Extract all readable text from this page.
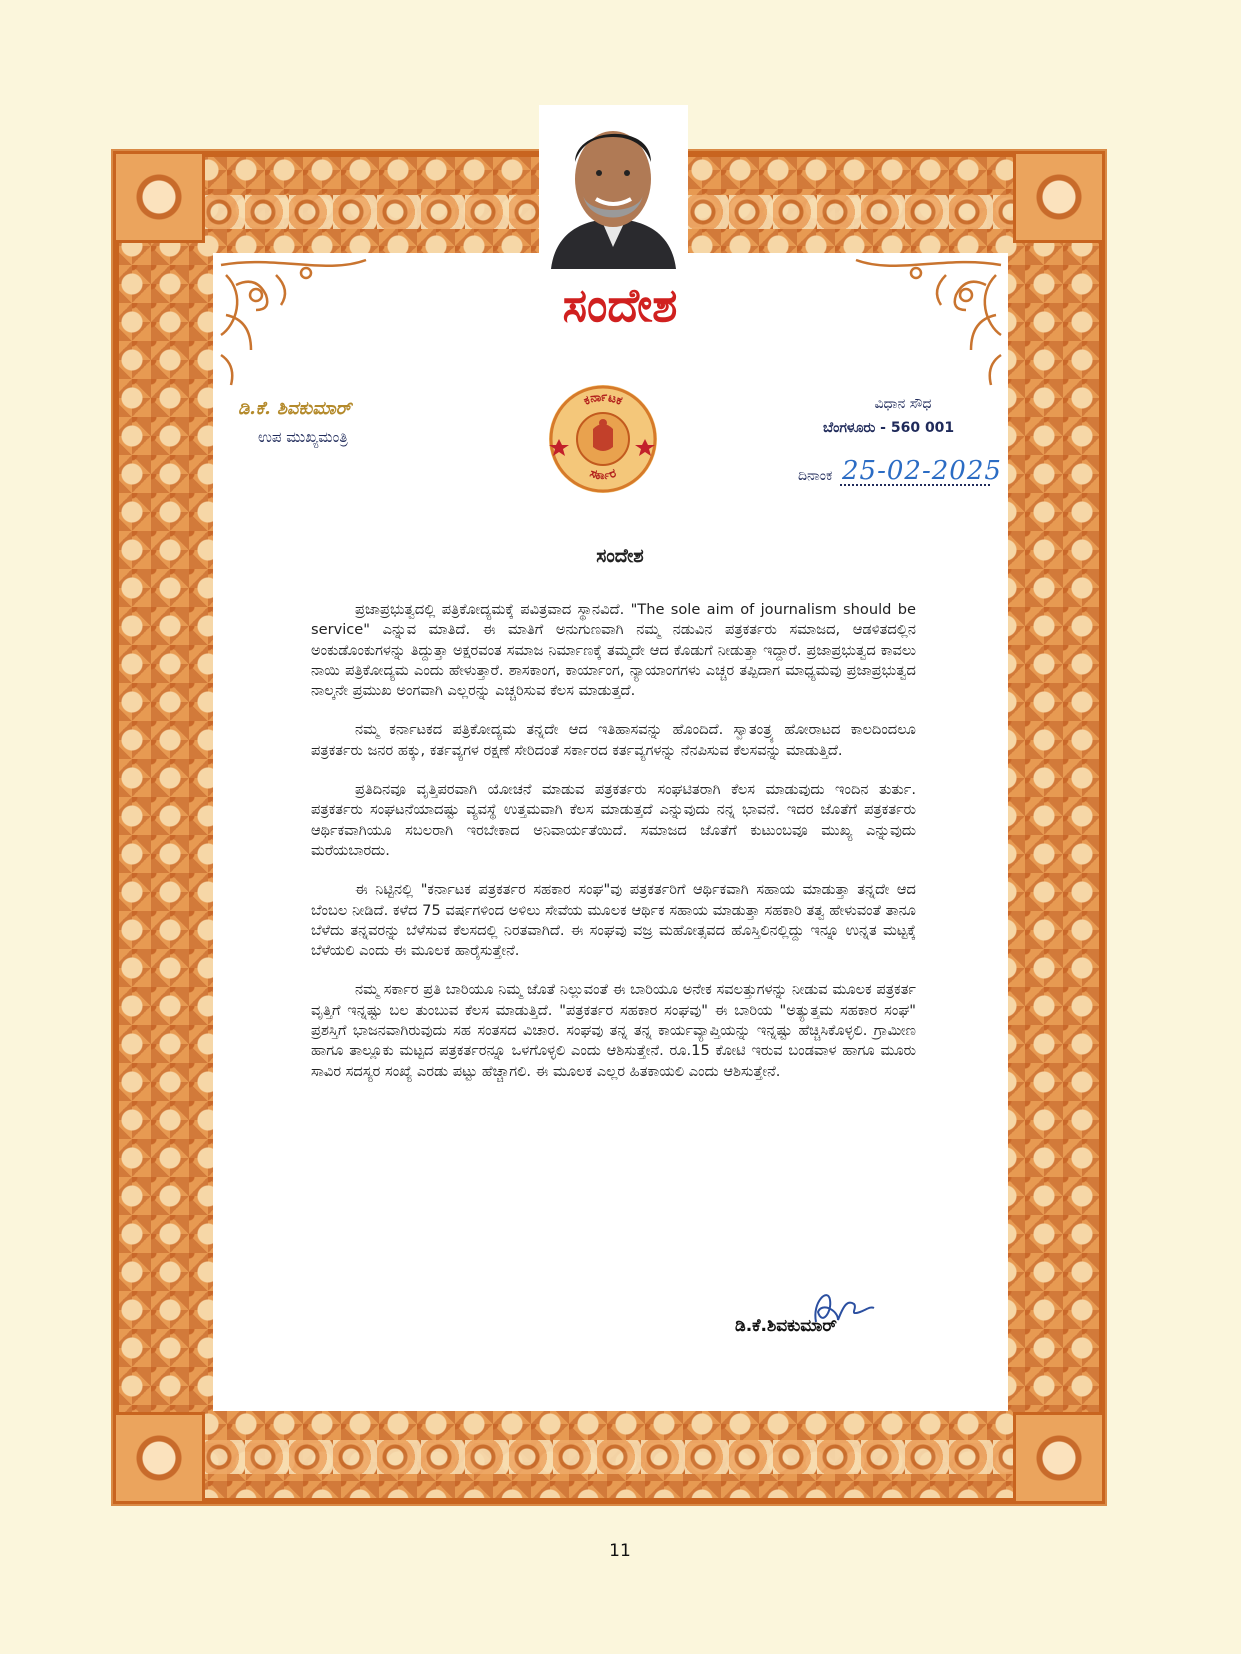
ಸಂದೇಶ
ಡಿ.ಕೆ. ಶಿವಕುಮಾರ್
ಉಪ ಮುಖ್ಯಮಂತ್ರಿ
ಕರ್ನಾಟಕ
ಸರ್ಕಾರ
ವಿಧಾನ ಸೌಧ
ಬೆಂಗಳೂರು - 560 001
ದಿನಾಂಕ 25-02-2025
ಸಂದೇಶ

ಪ್ರಜಾಪ್ರಭುತ್ವದಲ್ಲಿ ಪತ್ರಿಕೋದ್ಯಮಕ್ಕೆ ಪವಿತ್ರವಾದ ಸ್ಥಾನವಿದೆ. "The sole aim of journalism should be service" ಎನ್ನುವ ಮಾತಿದೆ. ಈ ಮಾತಿಗೆ ಅನುಗುಣವಾಗಿ ನಮ್ಮ ನಡುವಿನ ಪತ್ರಕರ್ತರು ಸಮಾಜದ, ಆಡಳಿತದಲ್ಲಿನ ಅಂಕುಡೊಂಕುಗಳನ್ನು ತಿದ್ದುತ್ತಾ ಅಕ್ಷರವಂತ ಸಮಾಜ ನಿರ್ಮಾಣಕ್ಕೆ ತಮ್ಮದೇ ಆದ ಕೊಡುಗೆ ನೀಡುತ್ತಾ ಇದ್ದಾರೆ. ಪ್ರಜಾಪ್ರಭುತ್ವದ ಕಾವಲು ನಾಯಿ ಪತ್ರಿಕೋದ್ಯಮ ಎಂದು ಹೇಳುತ್ತಾರೆ. ಶಾಸಕಾಂಗ, ಕಾರ್ಯಾಂಗ, ನ್ಯಾಯಾಂಗಗಳು ಎಚ್ಚರ ತಪ್ಪಿದಾಗ ಮಾಧ್ಯಮವು ಪ್ರಜಾಪ್ರಭುತ್ವದ ನಾಲ್ಕನೇ ಪ್ರಮುಖ ಅಂಗವಾಗಿ ಎಲ್ಲರನ್ನು ಎಚ್ಚರಿಸುವ ಕೆಲಸ ಮಾಡುತ್ತದೆ.

ನಮ್ಮ ಕರ್ನಾಟಕದ ಪತ್ರಿಕೋದ್ಯಮ ತನ್ನದೇ ಆದ ಇತಿಹಾಸವನ್ನು ಹೊಂದಿದೆ. ಸ್ವಾತಂತ್ರ್ಯ ಹೋರಾಟದ ಕಾಲದಿಂದಲೂ ಪತ್ರಕರ್ತರು ಜನರ ಹಕ್ಕು, ಕರ್ತವ್ಯಗಳ ರಕ್ಷಣೆ ಸೇರಿದಂತೆ ಸರ್ಕಾರದ ಕರ್ತವ್ಯಗಳನ್ನು ನೆನಪಿಸುವ ಕೆಲಸವನ್ನು ಮಾಡುತ್ತಿದೆ.

ಪ್ರತಿದಿನವೂ ವೃತ್ತಿಪರವಾಗಿ ಯೋಚನೆ ಮಾಡುವ ಪತ್ರಕರ್ತರು ಸಂಘಟಿತರಾಗಿ ಕೆಲಸ ಮಾಡುವುದು ಇಂದಿನ ತುರ್ತು. ಪತ್ರಕರ್ತರು ಸಂಘಟನೆಯಾದಷ್ಟು ವ್ಯವಸ್ಥೆ ಉತ್ತಮವಾಗಿ ಕೆಲಸ ಮಾಡುತ್ತದೆ ಎನ್ನುವುದು ನನ್ನ ಭಾವನೆ. ಇದರ ಜೊತೆಗೆ ಪತ್ರಕರ್ತರು ಆರ್ಥಿಕವಾಗಿಯೂ ಸಬಲರಾಗಿ ಇರಬೇಕಾದ ಅನಿವಾರ್ಯತೆಯಿದೆ. ಸಮಾಜದ ಜೊತೆಗೆ ಕುಟುಂಬವೂ ಮುಖ್ಯ ಎನ್ನುವುದು ಮರೆಯಬಾರದು.

ಈ ನಿಟ್ಟಿನಲ್ಲಿ "ಕರ್ನಾಟಕ ಪತ್ರಕರ್ತರ ಸಹಕಾರ ಸಂಘ"ವು ಪತ್ರಕರ್ತರಿಗೆ ಆರ್ಥಿಕವಾಗಿ ಸಹಾಯ ಮಾಡುತ್ತಾ ತನ್ನದೇ ಆದ ಬೆಂಬಲ ನೀಡಿದೆ. ಕಳೆದ 75 ವರ್ಷಗಳಿಂದ ಅಳಿಲು ಸೇವೆಯ ಮೂಲಕ ಆರ್ಥಿಕ ಸಹಾಯ ಮಾಡುತ್ತಾ ಸಹಕಾರಿ ತತ್ವ ಹೇಳುವಂತೆ ತಾನೂ ಬೆಳೆದು ತನ್ನವರನ್ನು ಬೆಳೆಸುವ ಕೆಲಸದಲ್ಲಿ ನಿರತವಾಗಿದೆ. ಈ ಸಂಘವು ವಜ್ರ ಮಹೋತ್ಸವದ ಹೊಸ್ತಿಲಿನಲ್ಲಿದ್ದು ಇನ್ನೂ ಉನ್ನತ ಮಟ್ಟಕ್ಕೆ ಬೆಳೆಯಲಿ ಎಂದು ಈ ಮೂಲಕ ಹಾರೈಸುತ್ತೇನೆ.

ನಮ್ಮ ಸರ್ಕಾರ ಪ್ರತಿ ಬಾರಿಯೂ ನಿಮ್ಮ ಜೊತೆ ನಿಲ್ಲುವಂತೆ ಈ ಬಾರಿಯೂ ಅನೇಕ ಸವಲತ್ತುಗಳನ್ನು ನೀಡುವ ಮೂಲಕ ಪತ್ರಕರ್ತ ವೃತ್ತಿಗೆ ಇನ್ನಷ್ಟು ಬಲ ತುಂಬುವ ಕೆಲಸ ಮಾಡುತ್ತಿದೆ. "ಪತ್ರಕರ್ತರ ಸಹಕಾರ ಸಂಘವು" ಈ ಬಾರಿಯ "ಅತ್ಯುತ್ತಮ ಸಹಕಾರ ಸಂಘ" ಪ್ರಶಸ್ತಿಗೆ ಭಾಜನವಾಗಿರುವುದು ಸಹ ಸಂತಸದ ವಿಚಾರ. ಸಂಘವು ತನ್ನ ತನ್ನ ಕಾರ್ಯವ್ಯಾಪ್ತಿಯನ್ನು ಇನ್ನಷ್ಟು ಹೆಚ್ಚಿಸಿಕೊಳ್ಳಲಿ. ಗ್ರಾಮೀಣ ಹಾಗೂ ತಾಲ್ಲೂಕು ಮಟ್ಟದ ಪತ್ರಕರ್ತರನ್ನೂ ಒಳಗೊಳ್ಳಲಿ ಎಂದು ಆಶಿಸುತ್ತೇನೆ. ರೂ.15 ಕೋಟಿ ಇರುವ ಬಂಡವಾಳ ಹಾಗೂ ಮೂರು ಸಾವಿರ ಸದಸ್ಯರ ಸಂಖ್ಯೆ ಎರಡು ಪಟ್ಟು ಹೆಚ್ಚಾಗಲಿ. ಈ ಮೂಲಕ ಎಲ್ಲರ ಹಿತಕಾಯಲಿ ಎಂದು ಆಶಿಸುತ್ತೇನೆ.

ಡಿ.ಕೆ.ಶಿವಕುಮಾರ್
11
